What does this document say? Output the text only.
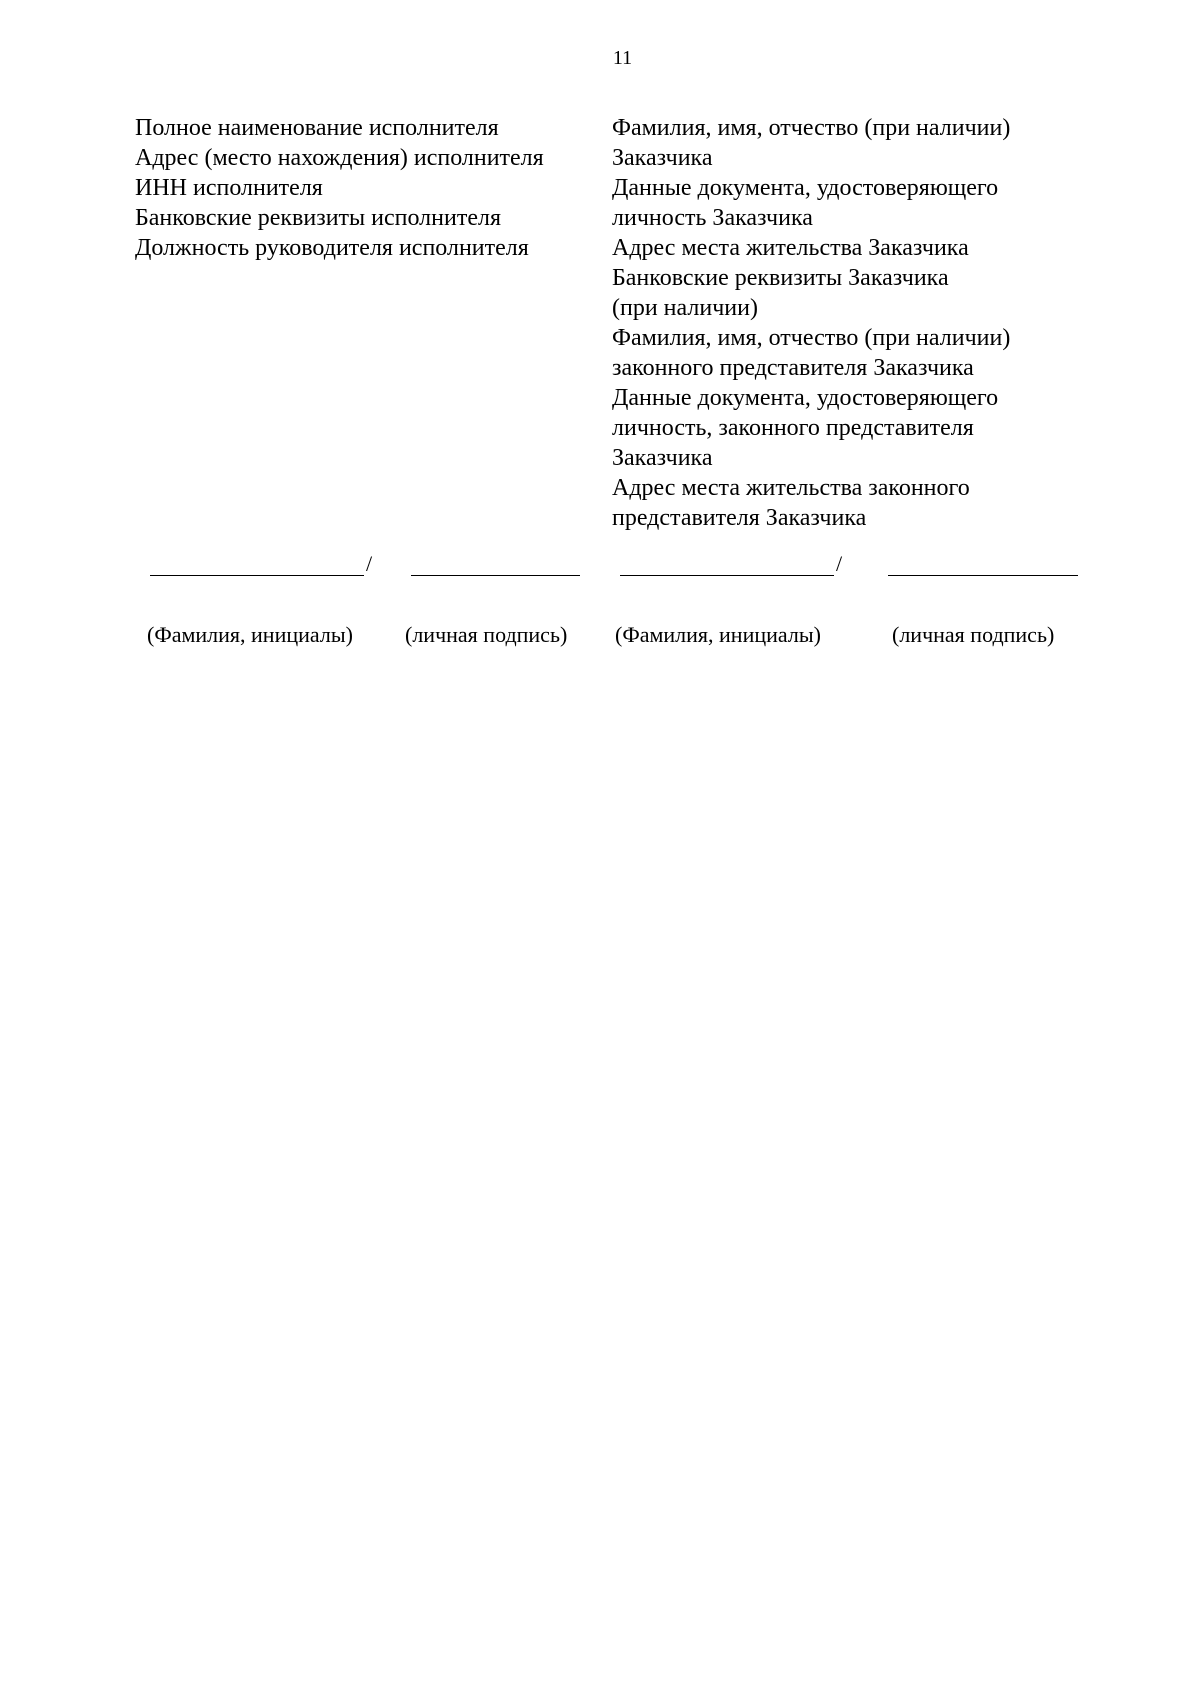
11
Полное наименование исполнителя
Адрес (место нахождения) исполнителя
ИНН исполнителя
Банковские реквизиты исполнителя
Должность руководителя исполнителя
Фамилия, имя, отчество (при наличии)
Заказчика
Данные документа, удостоверяющего
личность Заказчика
Адрес места жительства Заказчика
Банковские реквизиты Заказчика
(при наличии)
Фамилия, имя, отчество (при наличии)
законного представителя Заказчика
Данные документа, удостоверяющего
личность, законного представителя
Заказчика
Адрес места жительства законного
представителя Заказчика
/	/
(Фамилия, инициалы) (личная подпись) (Фамилия, инициалы)	(личная подпись)
